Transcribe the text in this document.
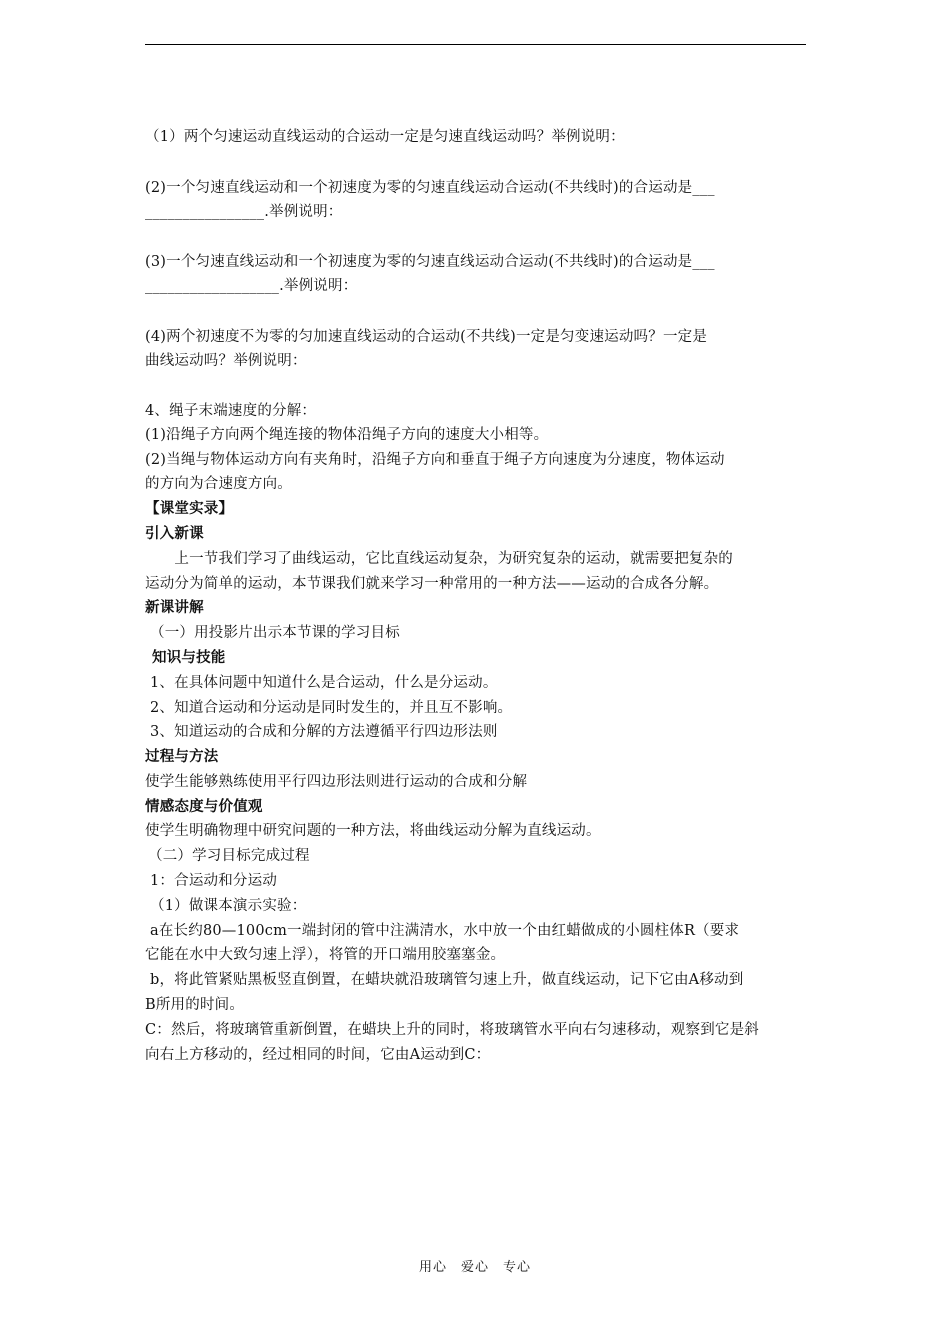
（1）两个匀速运动直线运动的合运动一定是匀速直线运动吗？举例说明：
(2)一个匀速直线运动和一个初速度为零的匀速直线运动合运动(不共线时)的合运动是___
________________.举例说明：
(3)一个匀速直线运动和一个初速度为零的匀速直线运动合运动(不共线时)的合运动是___
__________________.举例说明：
(4)两个初速度不为零的匀加速直线运动的合运动(不共线)一定是匀变速运动吗？一定是
曲线运动吗？举例说明：
4、绳子末端速度的分解：
(1)沿绳子方向两个绳连接的物体沿绳子方向的速度大小相等。
(2)当绳与物体运动方向有夹角时，沿绳子方向和垂直于绳子方向速度为分速度，物体运动
的方向为合速度方向。
【课堂实录】
引入新课
　　上一节我们学习了曲线运动，它比直线运动复杂，为研究复杂的运动，就需要把复杂的
运动分为简单的运动，本节课我们就来学习一种常用的一种方法——运动的合成各分解。
新课讲解
（一）用投影片出示本节课的学习目标
知识与技能
1、在具体问题中知道什么是合运动，什么是分运动。
2、知道合运动和分运动是同时发生的，并且互不影响。
3、知道运动的合成和分解的方法遵循平行四边形法则
过程与方法
使学生能够熟练使用平行四边形法则进行运动的合成和分解
情感态度与价值观
使学生明确物理中研究问题的一种方法，将曲线运动分解为直线运动。
（二）学习目标完成过程
1：合运动和分运动
（1）做课本演示实验：
a在长约80—100cm一端封闭的管中注满清水，水中放一个由红蜡做成的小圆柱体R（要求
它能在水中大致匀速上浮），将管的开口端用胶塞塞金。
b，将此管紧贴黑板竖直倒置，在蜡块就沿玻璃管匀速上升，做直线运动，记下它由A移动到
B所用的时间。
C：然后，将玻璃管重新倒置，在蜡块上升的同时，将玻璃管水平向右匀速移动，观察到它是斜
向右上方移动的，经过相同的时间，它由A运动到C：
用心　爱心　专心
